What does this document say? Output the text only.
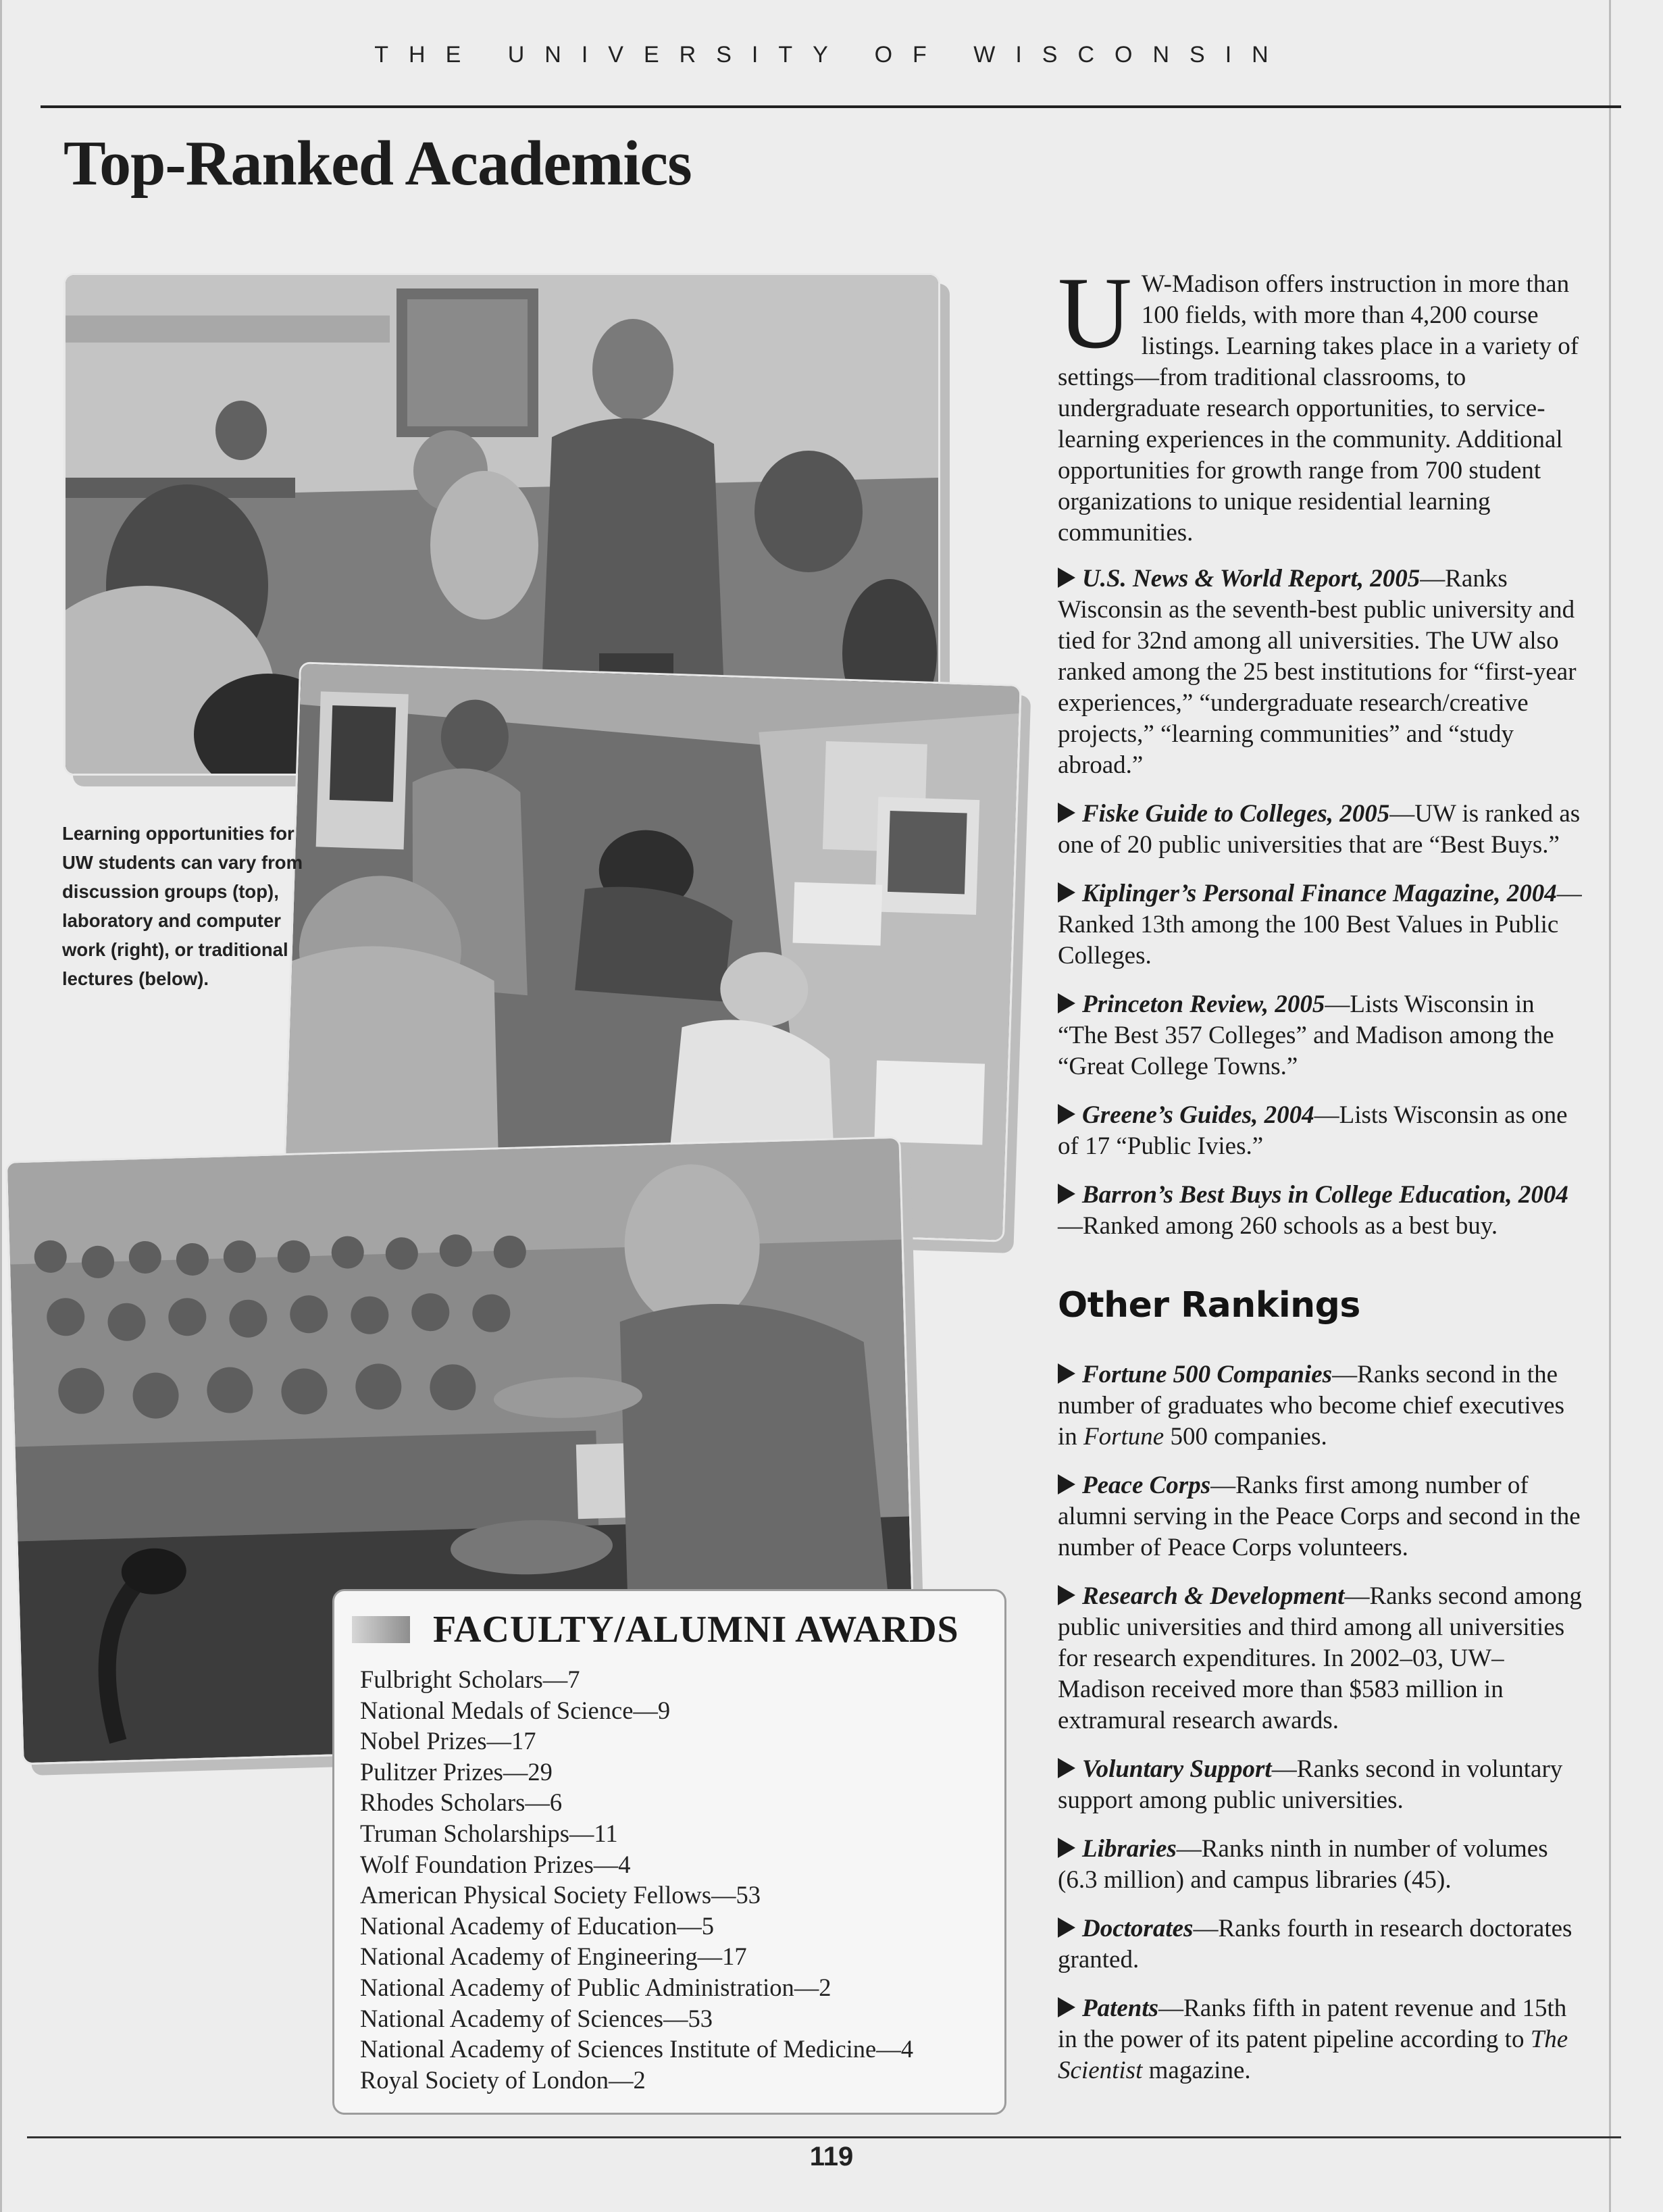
THE UNIVERSITY OF WISCONSIN
Top-Ranked Academics

Learning opportunities for UW students can vary from discussion groups (top), laboratory and computer work (right), or traditional lectures (below).

FACULTY/ALUMNI AWARDS
Fulbright Scholars—7
National Medals of Science—9
Nobel Prizes—17
Pulitzer Prizes—29
Rhodes Scholars—6
Truman Scholarships—11
Wolf Foundation Prizes—4
American Physical Society Fellows—53
National Academy of Education—5
National Academy of Engineering—17
National Academy of Public Administration—2
National Academy of Sciences—53
National Academy of Sciences Institute of Medicine—4
Royal Society of London—2

U W-Madison offers instruction in more than 100 fields, with more than 4,200 course listings. Learning takes place in a variety of settings—from traditional classrooms, to undergraduate research opportunities, to service-learning experiences in the community. Additional opportunities for growth range from 700 student organizations to unique residential learning communities.

U.S. News & World Report, 2005—Ranks Wisconsin as the seventh-best public university and tied for 32nd among all universities. The UW also ranked among the 25 best institutions for “first-year experiences,” “undergraduate research/creative projects,” “learning communities” and “study abroad.”

Fiske Guide to Colleges, 2005—UW is ranked as one of 20 public universities that are “Best Buys.”

Kiplinger’s Personal Finance Magazine, 2004—Ranked 13th among the 100 Best Values in Public Colleges.

Princeton Review, 2005—Lists Wisconsin in “The Best 357 Colleges” and Madison among the “Great College Towns.”

Greene’s Guides, 2004—Lists Wisconsin as one of 17 “Public Ivies.”

Barron’s Best Buys in College Education, 2004—Ranked among 260 schools as a best buy.

Other Rankings

Fortune 500 Companies—Ranks second in the number of graduates who become chief executives in Fortune 500 companies.

Peace Corps—Ranks first among number of alumni serving in the Peace Corps and second in the number of Peace Corps volunteers.

Research & Development—Ranks second among public universities and third among all universities for research expenditures. In 2002–03, UW–Madison received more than $583 million in extramural research awards.

Voluntary Support—Ranks second in voluntary support among public universities.

Libraries—Ranks ninth in number of volumes (6.3 million) and campus libraries (45).

Doctorates—Ranks fourth in research doctorates granted.

Patents—Ranks fifth in patent revenue and 15th in the power of its patent pipeline according to The Scientist magazine.

119
